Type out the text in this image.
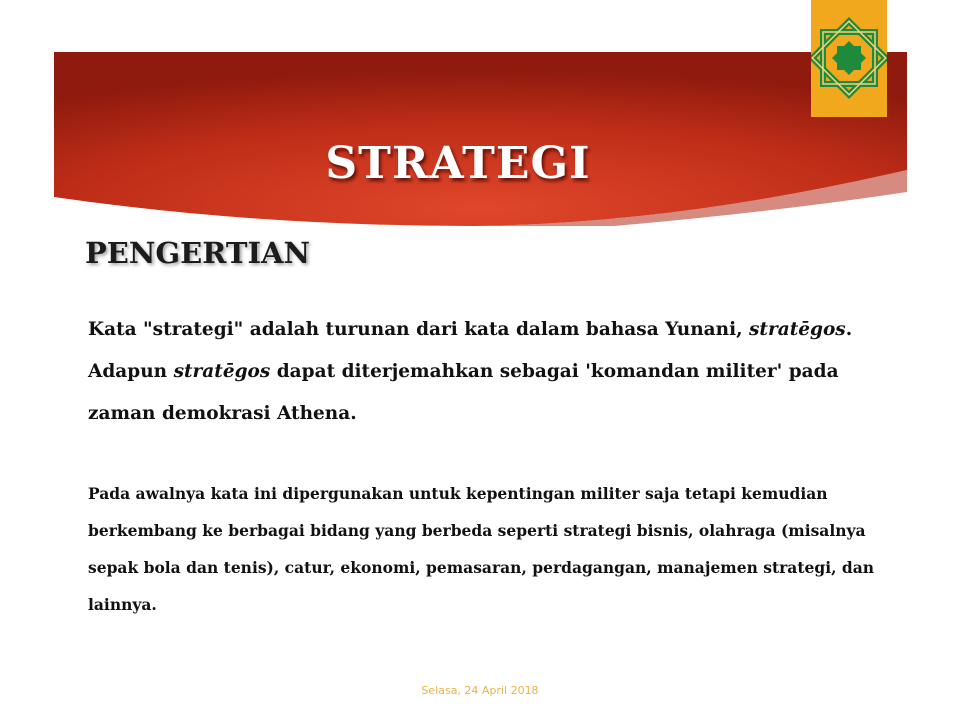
STRATEGI
PENGERTIAN
Kata "strategi" adalah turunan dari kata dalam bahasa Yunani, stratēgos. Adapun stratēgos dapat diterjemahkan sebagai 'komandan militer' pada zaman demokrasi Athena.
Pada awalnya kata ini dipergunakan untuk kepentingan militer saja tetapi kemudian berkembang ke berbagai bidang yang berbeda seperti strategi bisnis, olahraga (misalnya sepak bola dan tenis), catur, ekonomi, pemasaran, perdagangan, manajemen strategi, dan lainnya.
Selasa, 24 April 2018
